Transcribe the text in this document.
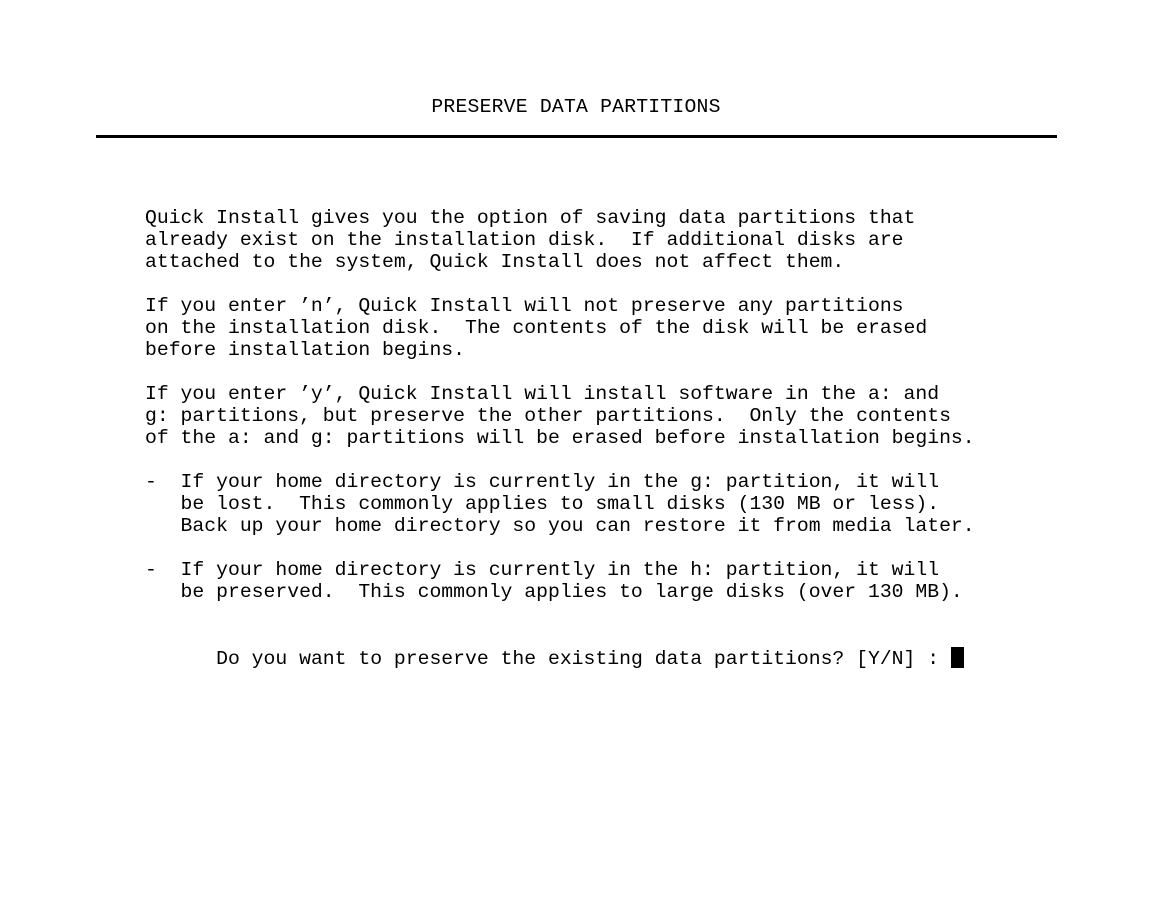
PRESERVE DATA PARTITIONS
Quick Install gives you the option of saving data partitions that
already exist on the installation disk.  If additional disks are
attached to the system, Quick Install does not affect them.
If you enter ’n’, Quick Install will not preserve any partitions
on the installation disk.  The contents of the disk will be erased
before installation begins.
If you enter ’y’, Quick Install will install software in the a: and
g: partitions, but preserve the other partitions.  Only the contents
of the a: and g: partitions will be erased before installation begins.
-  If your home directory is currently in the g: partition, it will
be lost.  This commonly applies to small disks (130 MB or less).
Back up your home directory so you can restore it from media later.
-  If your home directory is currently in the h: partition, it will
be preserved.  This commonly applies to large disks (over 130 MB).

Do you want to preserve the existing data partitions? [Y/N] :
